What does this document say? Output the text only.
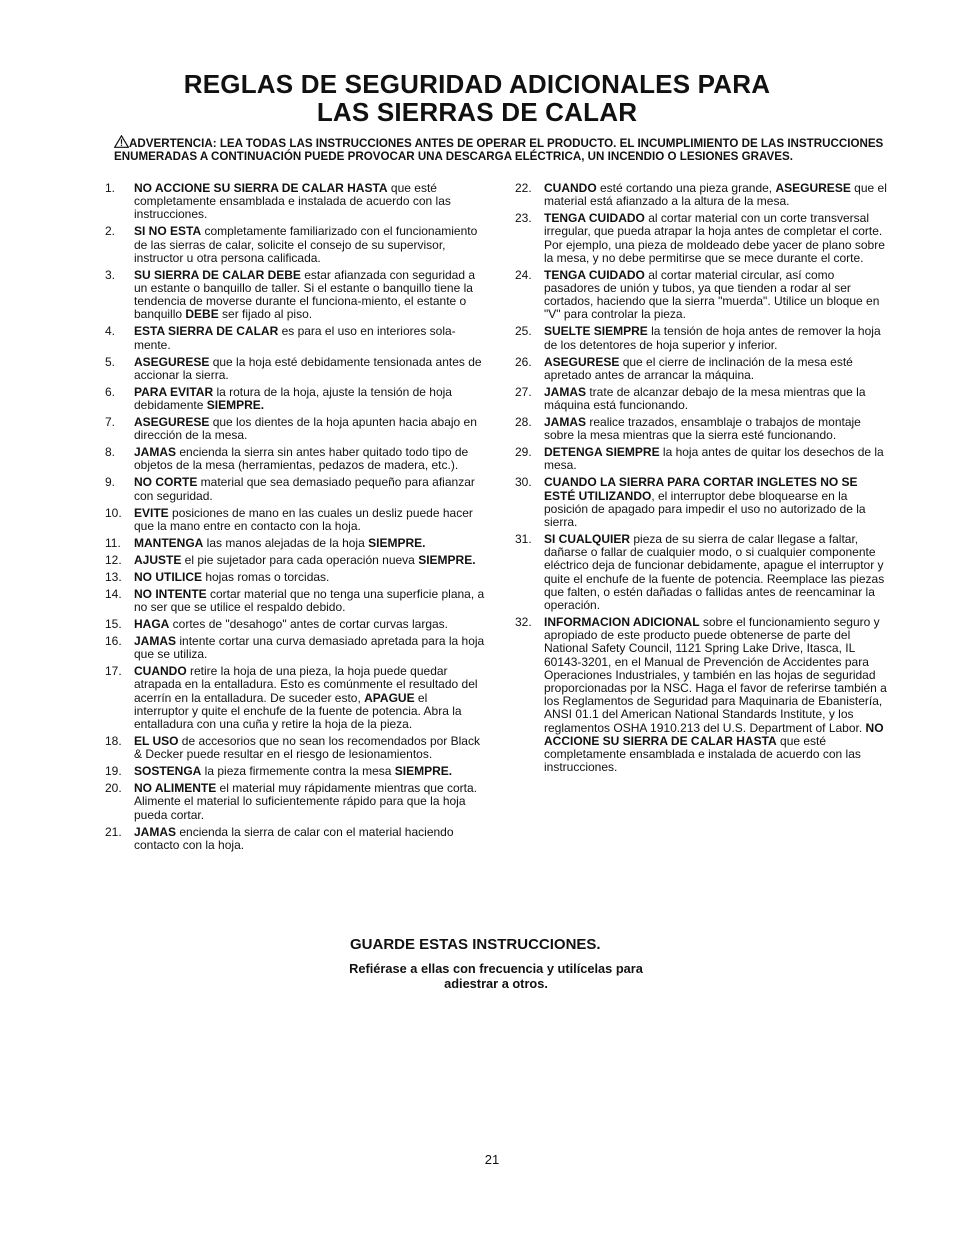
REGLAS DE SEGURIDAD ADICIONALES PARA
LAS SIERRAS DE CALAR
ADVERTENCIA: LEA TODAS LAS INSTRUCCIONES ANTES DE OPERAR EL PRODUCTO. EL INCUMPLIMIENTO DE LAS INSTRUCCIONES ENUMERADAS A CONTINUACIÓN PUEDE PROVOCAR UNA DESCARGA ELÉCTRICA, UN INCENDIO O LESIONES GRAVES.
1.	NO ACCIONE SU SIERRA DE CALAR HASTA que esté completamente ensamblada e instalada de acuerdo con las instrucciones.
2.	SI NO ESTA completamente familiarizado con el funcionamiento de las sierras de calar, solicite el consejo de su supervisor, instructor u otra persona calificada.
3.	SU SIERRA DE CALAR DEBE estar afianzada con seguridad a un estante o banquillo de taller. Si el estante o banquillo tiene la tendencia de moverse durante el funciona-miento, el estante o banquillo DEBE ser fijado al piso.
4.	ESTA SIERRA DE CALAR es para el uso en interiores sola-mente.
5.	ASEGURESE que la hoja esté debidamente tensionada antes de accionar la sierra.
6.	PARA EVITAR la rotura de la hoja, ajuste la tensión de hoja debidamente SIEMPRE.
7.	ASEGURESE que los dientes de la hoja apunten hacia abajo en dirección de la mesa.
8.	JAMAS encienda la sierra sin antes haber quitado todo tipo de objetos de la mesa (herramientas, pedazos de madera, etc.).
9.	NO CORTE material que sea demasiado pequeño para afianzar con seguridad.
10.	EVITE posiciones de mano en las cuales un desliz puede hacer que la mano entre en contacto con la hoja.
11.	MANTENGA las manos alejadas de la hoja SIEMPRE.
12.	AJUSTE el pie sujetador para cada operación nueva SIEMPRE.
13.	NO UTILICE hojas romas o torcidas.
14.	NO INTENTE cortar material que no tenga una superficie plana, a no ser que se utilice el respaldo debido.
15.	HAGA cortes de "desahogo" antes de cortar curvas largas.
16.	JAMAS intente cortar una curva demasiado apretada para la hoja que se utiliza.
17.	CUANDO retire la hoja de una pieza, la hoja puede quedar atrapada en la entalladura. Esto es comúnmente el resultado del acerrín en la entalladura. De suceder esto, APAGUE el interruptor y quite el enchufe de la fuente de potencia. Abra la entalladura con una cuña y retire la hoja de la pieza.
18.	EL USO de accesorios que no sean los recomendados por Black & Decker puede resultar en el riesgo de lesionamientos.
19.	SOSTENGA la pieza firmemente contra la mesa SIEMPRE.
20.	NO ALIMENTE el material muy rápidamente mientras que corta. Alimente el material lo suficientemente rápido para que la hoja pueda cortar.
21.	JAMAS encienda la sierra de calar con el material haciendo contacto con la hoja.
22.	CUANDO esté cortando una pieza grande, ASEGURESE que el material está afianzado a la altura de la mesa.
23.	TENGA CUIDADO al cortar material con un corte transversal irregular, que pueda atrapar la hoja antes de completar el corte. Por ejemplo, una pieza de moldeado debe yacer de plano sobre la mesa, y no debe permitirse que se mece durante el corte.
24.	TENGA CUIDADO al cortar material circular, así como pasadores de unión y tubos, ya que tienden a rodar al ser cortados, haciendo que la sierra "muerda". Utilice un bloque en "V" para controlar la pieza.
25.	SUELTE SIEMPRE la tensión de hoja antes de remover la hoja de los detentores de hoja superior y inferior.
26.	ASEGURESE que el cierre de inclinación de la mesa esté apretado antes de arrancar la máquina.
27.	JAMAS trate de alcanzar debajo de la mesa mientras que la máquina está funcionando.
28.	JAMAS realice trazados, ensamblaje o trabajos de montaje sobre la mesa mientras que la sierra esté funcionando.
29.	DETENGA SIEMPRE la hoja antes de quitar los desechos de la mesa.
30.	CUANDO LA SIERRA PARA CORTAR INGLETES NO SE ESTÉ UTILIZANDO, el interruptor debe bloquearse en la posición de apagado para impedir el uso no autorizado de la sierra.
31.	SI CUALQUIER pieza de su sierra de calar llegase a faltar, dañarse o fallar de cualquier modo, o si cualquier componente eléctrico deja de funcionar debidamente, apague el interruptor y quite el enchufe de la fuente de potencia. Reemplace las piezas que falten, o estén dañadas o fallidas antes de reencaminar la operación.
32.	INFORMACION ADICIONAL sobre el funcionamiento seguro y apropiado de este producto puede obtenerse de parte del National Safety Council, 1121 Spring Lake Drive, Itasca, IL 60143-3201, en el Manual de Prevención de Accidentes para Operaciones Industriales, y también en las hojas de seguridad proporcionadas por la NSC. Haga el favor de referirse también a los Reglamentos de Seguridad para Maquinaria de Ebanistería, ANSI 01.1 del American National Standards Institute, y los reglamentos OSHA 1910.213 del U.S. Department of Labor. NO ACCIONE SU SIERRA DE CALAR HASTA que esté completamente ensamblada e instalada de acuerdo con las instrucciones.
GUARDE ESTAS INSTRUCCIONES.
Refiérase a ellas con frecuencia y utilícelas para
adiestrar a otros.
21
